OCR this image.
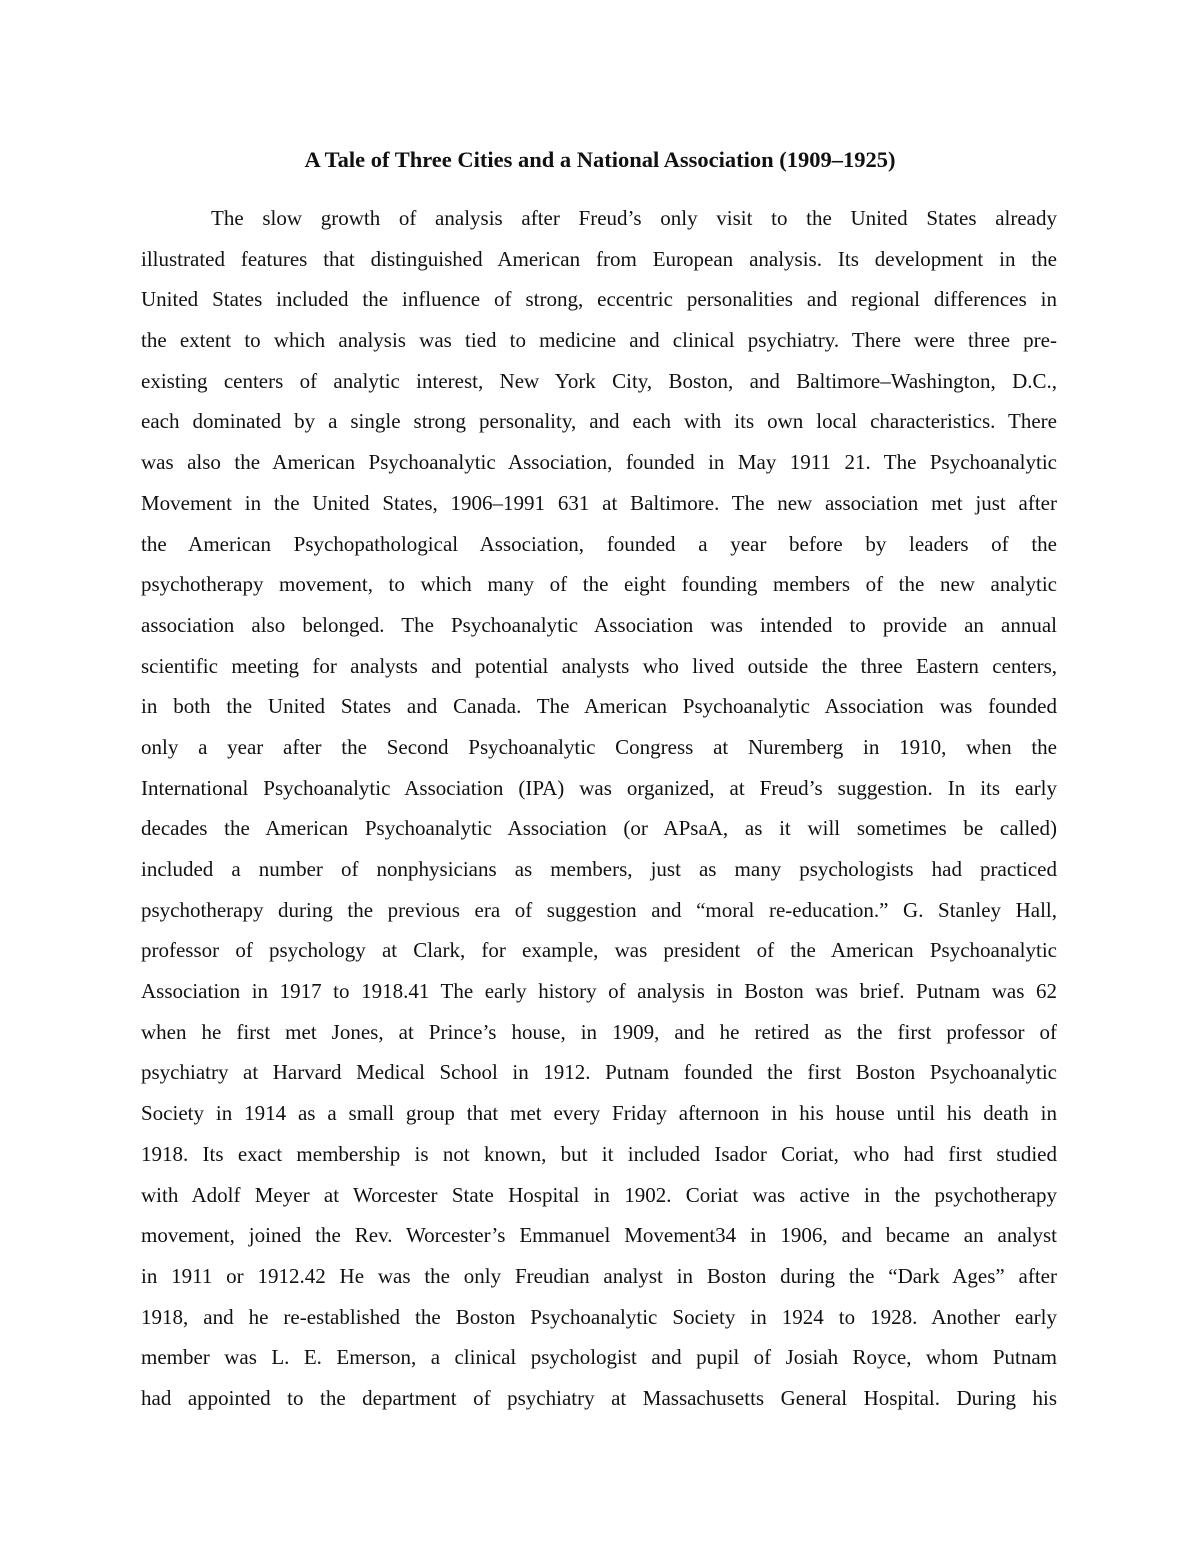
A Tale of Three Cities and a National Association (1909–1925)
The slow growth of analysis after Freud’s only visit to the United States already
illustrated features that distinguished American from European analysis. Its development in the
United States included the influence of strong, eccentric personalities and regional differences in
the extent to which analysis was tied to medicine and clinical psychiatry. There were three pre-
existing centers of analytic interest, New York City, Boston, and Baltimore–Washington, D.C.,
each dominated by a single strong personality, and each with its own local characteristics. There
was also the American Psychoanalytic Association, founded in May 1911 21. The Psychoanalytic
Movement in the United States, 1906–1991 631 at Baltimore. The new association met just after
the American Psychopathological Association, founded a year before by leaders of the
psychotherapy movement, to which many of the eight founding members of the new analytic
association also belonged. The Psychoanalytic Association was intended to provide an annual
scientific meeting for analysts and potential analysts who lived outside the three Eastern centers,
in both the United States and Canada. The American Psychoanalytic Association was founded
only a year after the Second Psychoanalytic Congress at Nuremberg in 1910, when the
International Psychoanalytic Association (IPA) was organized, at Freud’s suggestion. In its early
decades the American Psychoanalytic Association (or APsaA, as it will sometimes be called)
included a number of nonphysicians as members, just as many psychologists had practiced
psychotherapy during the previous era of suggestion and “moral re-education.” G. Stanley Hall,
professor of psychology at Clark, for example, was president of the American Psychoanalytic
Association in 1917 to 1918.41 The early history of analysis in Boston was brief. Putnam was 62
when he first met Jones, at Prince’s house, in 1909, and he retired as the first professor of
psychiatry at Harvard Medical School in 1912. Putnam founded the first Boston Psychoanalytic
Society in 1914 as a small group that met every Friday afternoon in his house until his death in
1918. Its exact membership is not known, but it included Isador Coriat, who had first studied
with Adolf Meyer at Worcester State Hospital in 1902. Coriat was active in the psychotherapy
movement, joined the Rev. Worcester’s Emmanuel Movement34 in 1906, and became an analyst
in 1911 or 1912.42 He was the only Freudian analyst in Boston during the “Dark Ages” after
1918, and he re-established the Boston Psychoanalytic Society in 1924 to 1928. Another early
member was L. E. Emerson, a clinical psychologist and pupil of Josiah Royce, whom Putnam
had appointed to the department of psychiatry at Massachusetts General Hospital. During his
